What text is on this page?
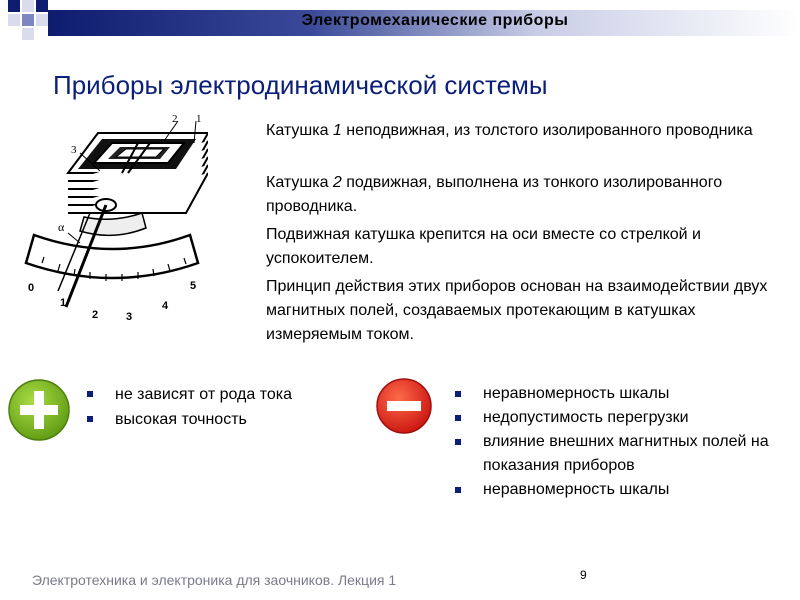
Электромеханические приборы
Приборы электродинамической системы
2 1
3
α
0
1
2	3
4
5
Катушка 1 неподвижная, из толстого изолированного проводника
Катушка 2 подвижная, выполнена из тонкого изолированного проводника.
Подвижная катушка крепится на оси вместе со стрелкой и успокоителем.
Принцип действия этих приборов основан на взаимодействии двух магнитных полей, создаваемых протекающим в катушках измеряемым током.
не зависят от рода тока
высокая точность
неравномерность шкалы
недопустимость перегрузки
влияние внешних магнитных полей на показания приборов
неравномерность шкалы
Электротехника и электроника для заочников. Лекция 1	9
